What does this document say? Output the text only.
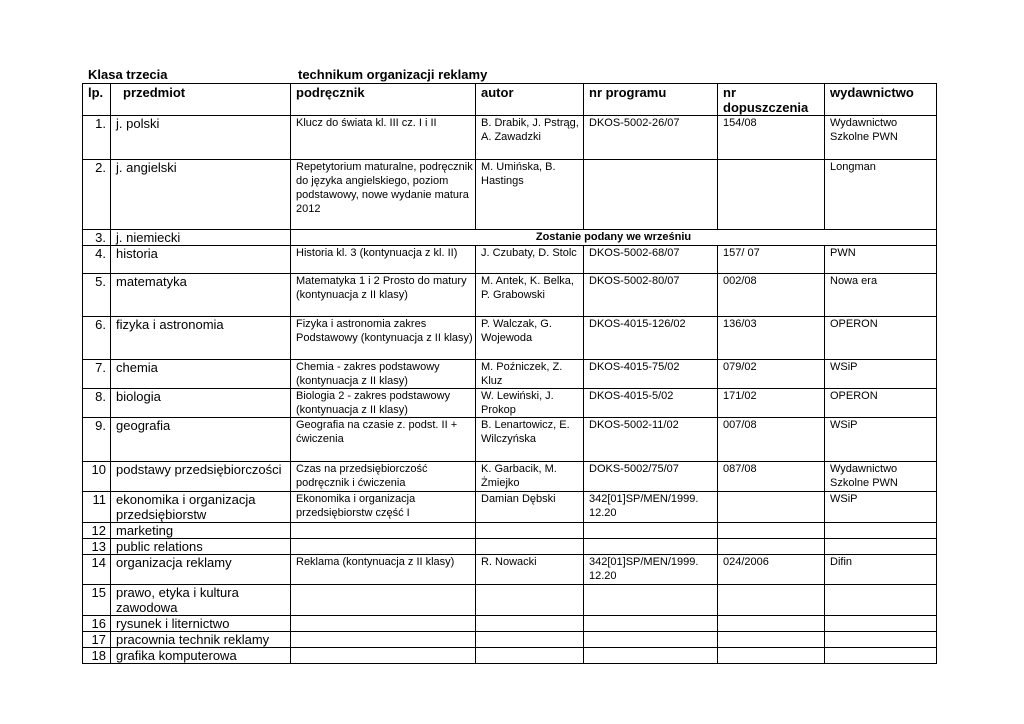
Klasa trzecia	technikum organizacji reklamy
lp.	przedmiot	podręcznik	autor	nr programu	nr dopuszczenia	wydawnictwo
1.	j. polski	Klucz do świata kl. III cz. I i II	B. Drabik, J. Pstrąg, A. Zawadzki	DKOS-5002-26/07	154/08	Wydawnictwo Szkolne PWN
2.	j. angielski	Repetytorium maturalne, podręcznik do języka angielskiego, poziom podstawowy, nowe wydanie matura 2012	M. Umińska, B. Hastings			Longman
3.	j. niemiecki	Zostanie podany we wrześniu				
4.	historia	Historia kl. 3 (kontynuacja z kl. II)	J. Czubaty, D. Stolc	DKOS-5002-68/07	157/ 07	PWN
5.	matematyka	Matematyka 1 i 2 Prosto do matury (kontynuacja z II klasy)	M. Antek, K. Belka, P. Grabowski	DKOS-5002-80/07	002/08	Nowa era
6.	fizyka i astronomia	Fizyka i astronomia zakres Podstawowy (kontynuacja z II klasy)	P. Walczak, G. Wojewoda	DKOS-4015-126/02	136/03	OPERON
7.	chemia	Chemia - zakres podstawowy (kontynuacja z II klasy)	M. Poźniczek, Z. Kluz	DKOS-4015-75/02	079/02	WSiP
8.	biologia	Biologia 2 - zakres podstawowy (kontynuacja z II klasy)	W. Lewiński, J. Prokop	DKOS-4015-5/02	171/02	OPERON
9.	geografia	Geografia na czasie z. podst. II + ćwiczenia	B. Lenartowicz, E. Wilczyńska	DKOS-5002-11/02	007/08	WSiP
10	podstawy przedsiębiorczości	Czas na przedsiębiorczość podręcznik i ćwiczenia	K. Garbacik, M. Żmiejko	DOKS-5002/75/07	087/08	Wydawnictwo Szkolne PWN
11	ekonomika i organizacja przedsiębiorstw	Ekonomika i organizacja przedsiębiorstw część I	Damian Dębski	342[01]SP/MEN/1999. 12.20		WSiP
12	marketing					
13	public relations					
14	organizacja reklamy	Reklama (kontynuacja z II klasy)	R. Nowacki	342[01]SP/MEN/1999. 12.20	024/2006	Difin
15	prawo, etyka i kultura zawodowa					
16	rysunek i liternictwo					
17	pracownia technik reklamy					
18	grafika komputerowa					
